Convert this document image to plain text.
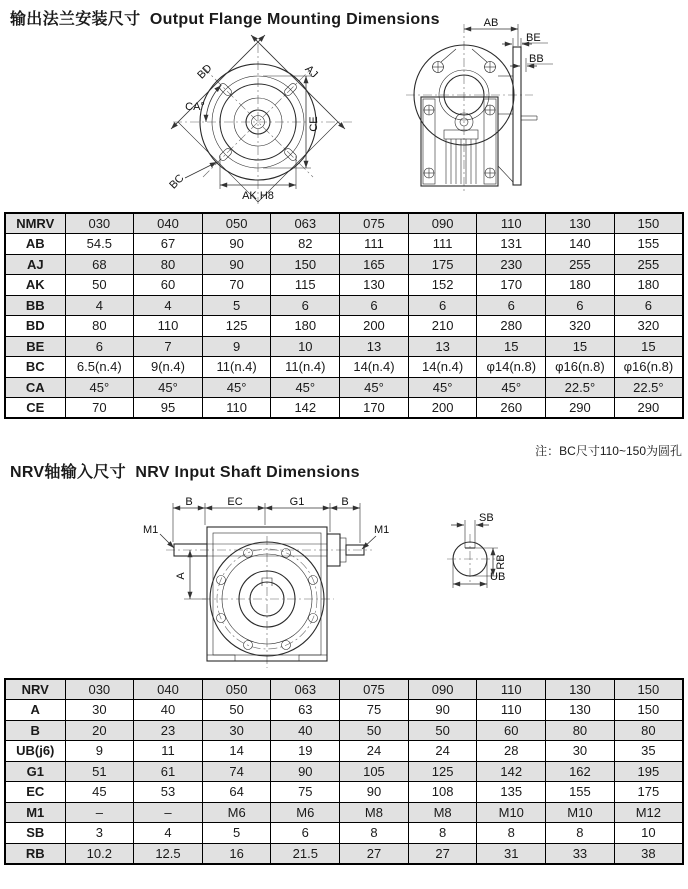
输出法兰安装尺寸  Output Flange Mounting Dimensions
BD	AJ
CA°
BC
CE
AK H8
AB
BE
BB
NMRV	030	040	050	063	075	090	110	130	150
AB	54.5	67	90	82	111	111	131	140	155
AJ	68	80	90	150	165	175	230	255	255
AK	50	60	70	115	130	152	170	180	180
BB	4	4	5	6	6	6	6	6	6
BD	80	110	125	180	200	210	280	320	320
BE	6	7	9	10	13	13	15	15	15
BC	6.5(n.4)	9(n.4)	11(n.4)	11(n.4)	14(n.4)	14(n.4)	φ14(n.8)	φ16(n.8)	φ16(n.8)
CA	45°	45°	45°	45°	45°	45°	45°	22.5°	22.5°
CE	70	95	110	142	170	200	260	290	290
注：BC尺寸110~150为圆孔
NRV轴输入尺寸  NRV Input Shaft Dimensions
B	EC	G1	B
M1	M1
A
SB
RB
UB
NRV	030	040	050	063	075	090	110	130	150
A	30	40	50	63	75	90	110	130	150
B	20	23	30	40	50	50	60	80	80
UB(j6)	9	11	14	19	24	24	28	30	35
G1	51	61	74	90	105	125	142	162	195
EC	45	53	64	75	90	108	135	155	175
M1	–	–	M6	M6	M8	M8	M10	M10	M12
SB	3	4	5	6	8	8	8	8	10
RB	10.2	12.5	16	21.5	27	27	31	33	38
